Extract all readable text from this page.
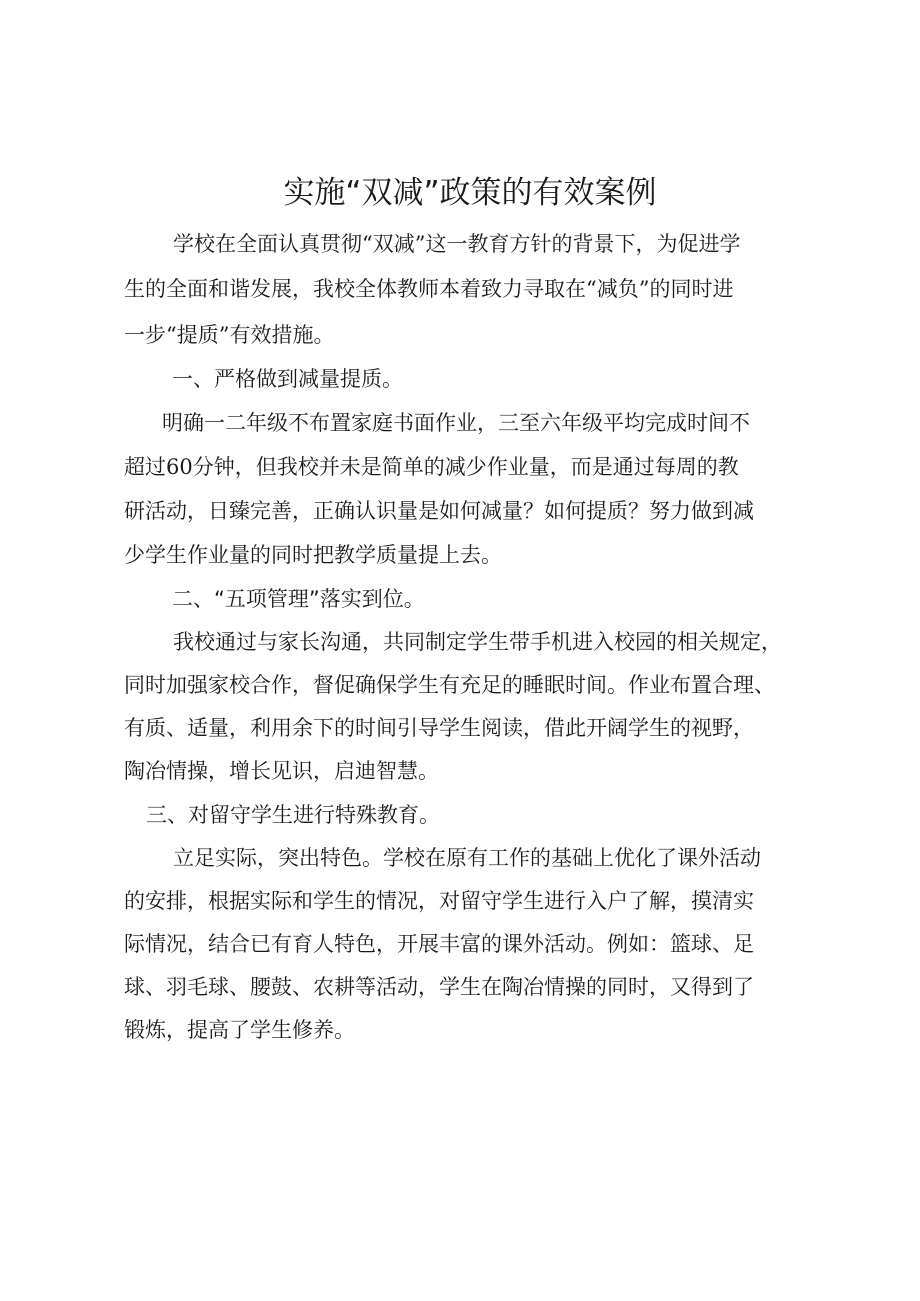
实施“双减”政策的有效案例
学校在全面认真贯彻“双减”这一教育方针的背景下，为促进学
生的全面和谐发展，我校全体教师本着致力寻取在“减负”的同时进
一步“提质”有效措施。
一、严格做到减量提质。
明确一二年级不布置家庭书面作业，三至六年级平均完成时间不
超过60分钟，但我校并未是简单的减少作业量，而是通过每周的教
研活动，日臻完善，正确认识量是如何减量？如何提质？努力做到减
少学生作业量的同时把教学质量提上去。
二、“五项管理”落实到位。
我校通过与家长沟通，共同制定学生带手机进入校园的相关规定，
同时加强家校合作，督促确保学生有充足的睡眠时间。作业布置合理、
有质、适量，利用余下的时间引导学生阅读，借此开阔学生的视野，
陶冶情操，增长见识，启迪智慧。
三、对留守学生进行特殊教育。
立足实际，突出特色。学校在原有工作的基础上优化了课外活动
的安排，根据实际和学生的情况，对留守学生进行入户了解，摸清实
际情况，结合已有育人特色，开展丰富的课外活动。例如：篮球、足
球、羽毛球、腰鼓、农耕等活动，学生在陶冶情操的同时，又得到了
锻炼，提高了学生修养。
